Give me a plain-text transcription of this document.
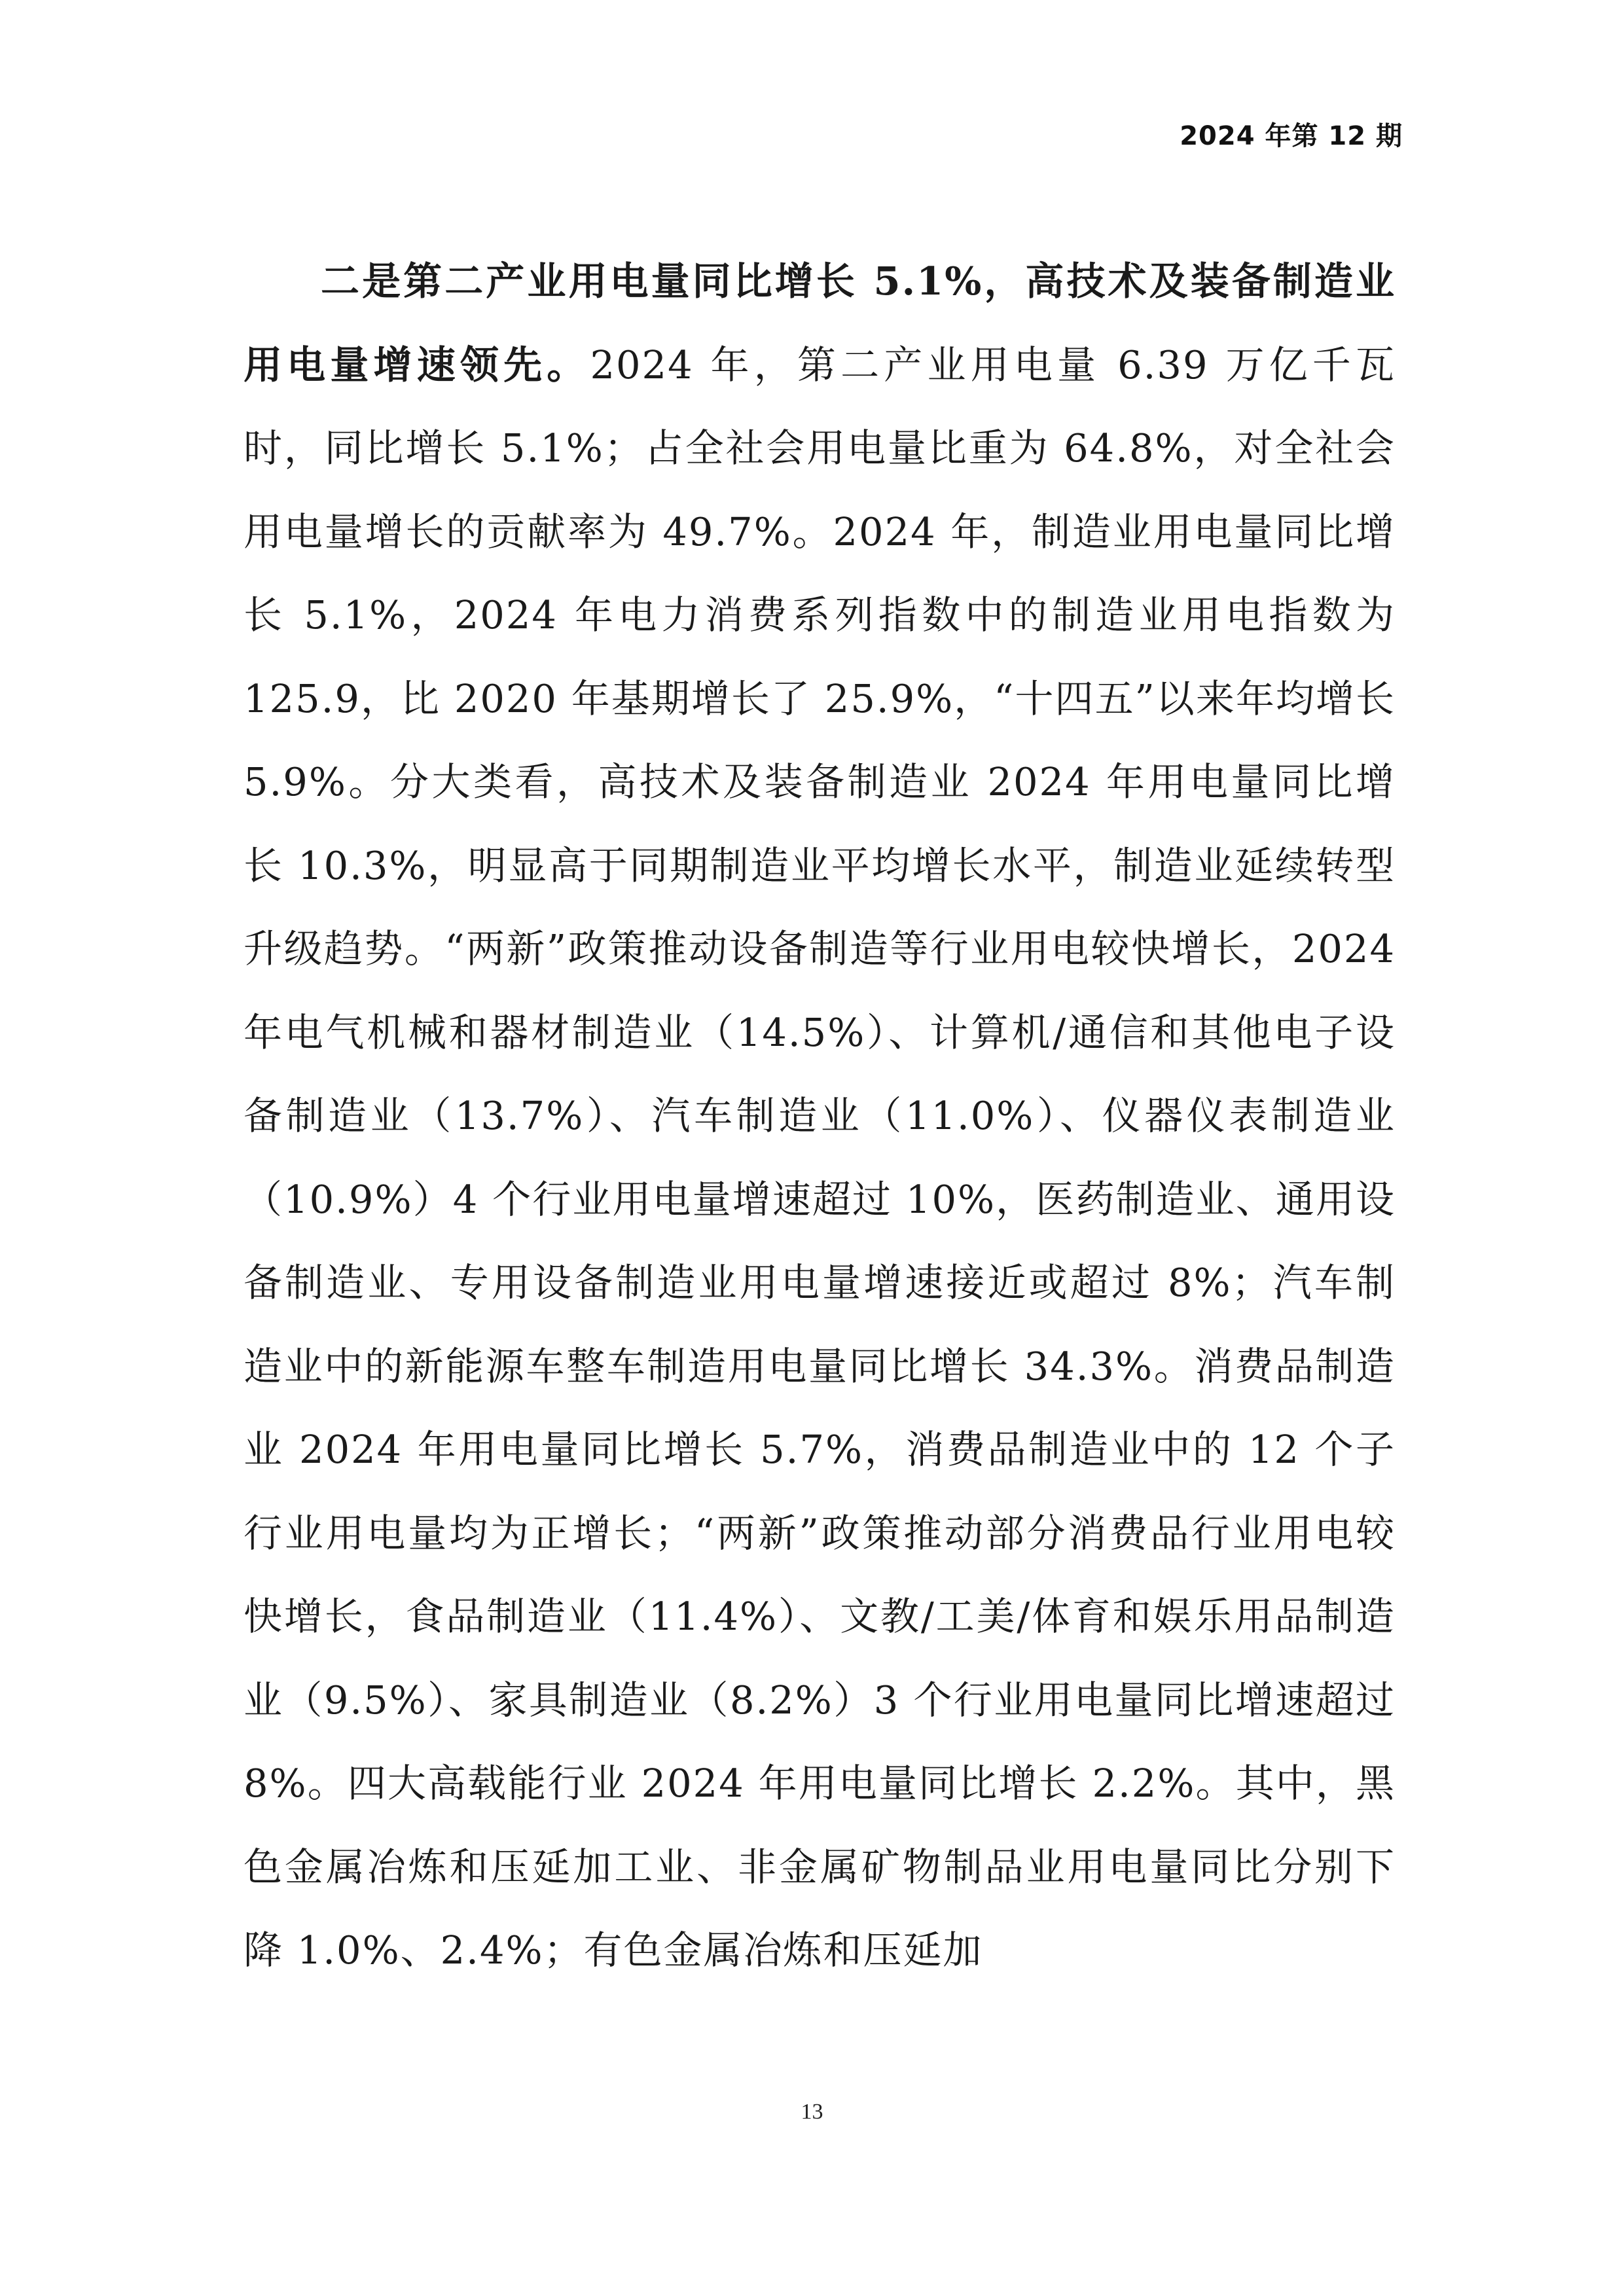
2024 年第 12 期

二是第二产业用电量同比增长 5.1%，高技术及装备制造业用电量增速领先。2024 年，第二产业用电量 6.39 万亿千瓦时，同比增长 5.1%；占全社会用电量比重为 64.8%，对全社会用电量增长的贡献率为 49.7%。2024 年，制造业用电量同比增长 5.1%，2024 年电力消费系列指数中的制造业用电指数为 125.9，比 2020 年基期增长了 25.9%，“十四五”以来年均增长 5.9%。分大类看，高技术及装备制造业 2024 年用电量同比增长 10.3%，明显高于同期制造业平均增长水平，制造业延续转型升级趋势。“两新”政策推动设备制造等行业用电较快增长，2024 年电气机械和器材制造业（14.5%）、计算机/通信和其他电子设备制造业（13.7%）、汽车制造业（11.0%）、仪器仪表制造业（10.9%）4 个行业用电量增速超过 10%，医药制造业、通用设备制造业、专用设备制造业用电量增速接近或超过 8%；汽车制造业中的新能源车整车制造用电量同比增长 34.3%。消费品制造业 2024 年用电量同比增长 5.7%，消费品制造业中的 12 个子行业用电量均为正增长；“两新”政策推动部分消费品行业用电较快增长，食品制造业（11.4%）、文教/工美/体育和娱乐用品制造业（9.5%）、家具制造业（8.2%）3 个行业用电量同比增速超过 8%。四大高载能行业 2024 年用电量同比增长 2.2%。其中，黑色金属冶炼和压延加工业、非金属矿物制品业用电量同比分别下降 1.0%、2.4%；有色金属冶炼和压延加

13
